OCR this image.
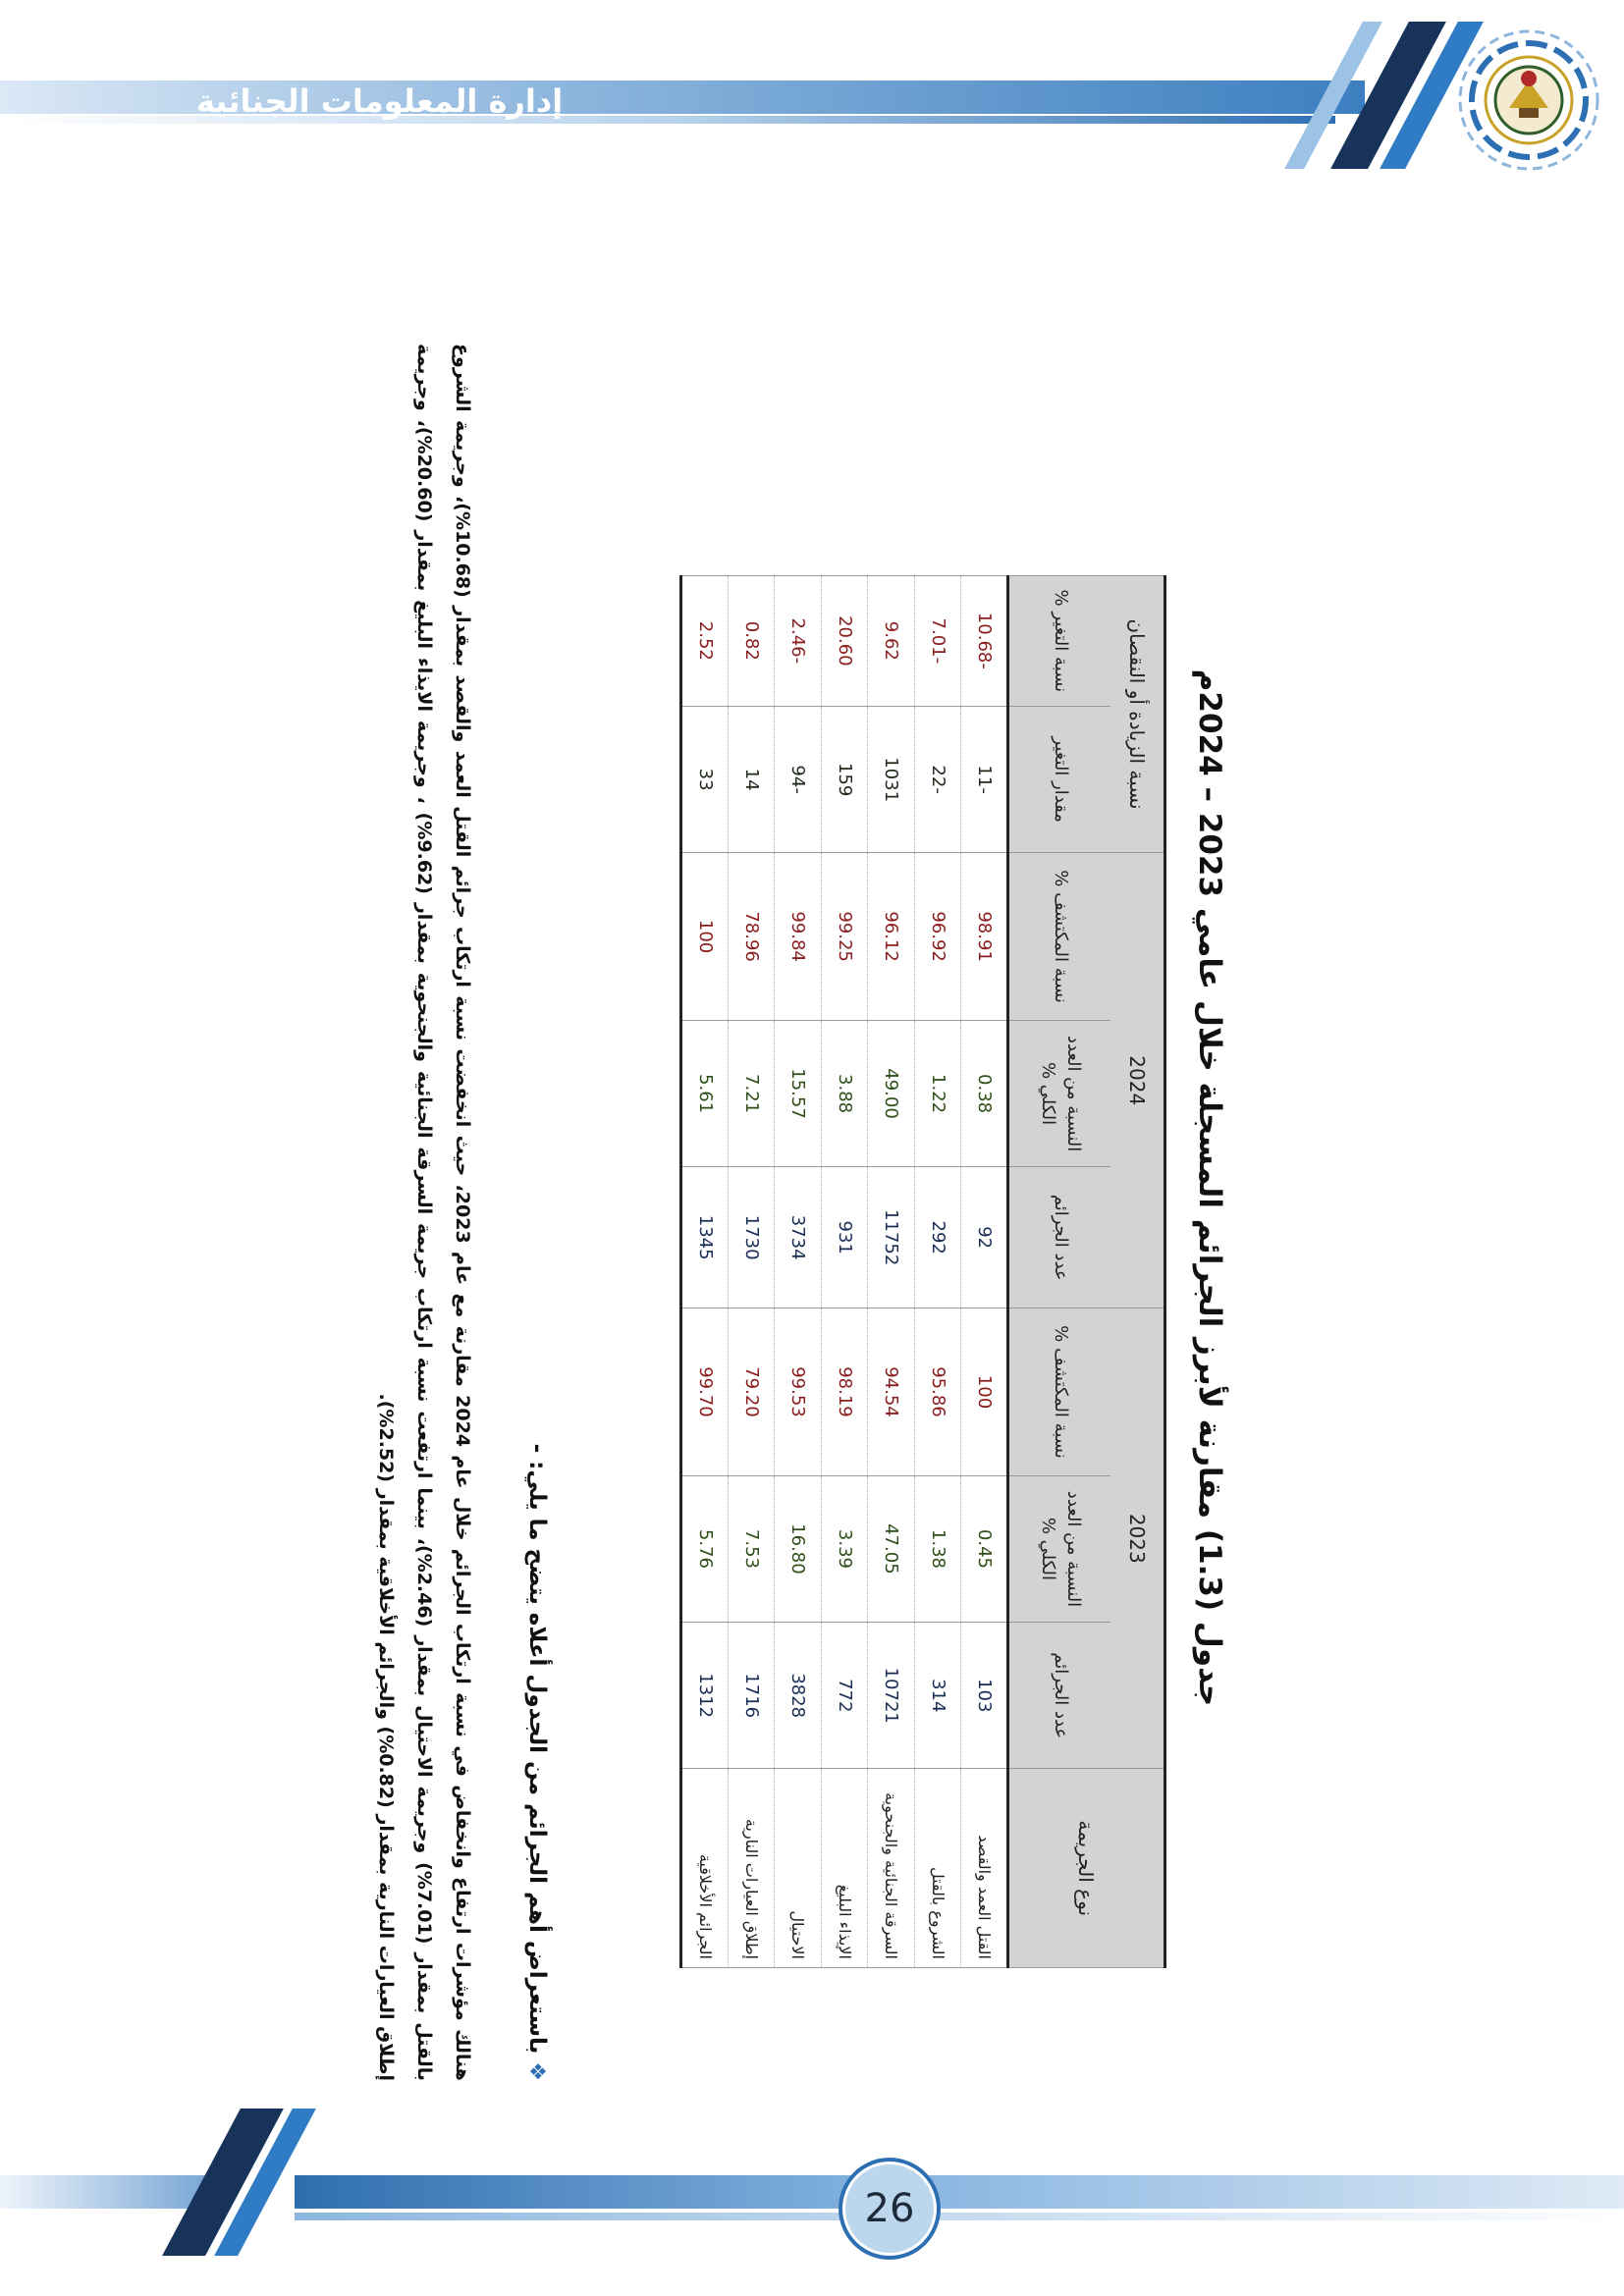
إدارة المعلومات الجنائية
جدول (1.3) مقارنة لأبرز الجرائم المسجلة خلال عامي 2023 – 2024م
نوع الجريمة	2023			2024			نسبة الزيادة أو النقصان	
	عدد الجرائم	النسبة من العدد الكلي %	نسبة المكتشف %	عدد الجرائم	النسبة من العدد الكلي %	نسبة المكتشف %	مقدار التغير	نسبة التغير %
القتل العمد والقصد	103	0.45	100	92	0.38	98.91	-11	-10.68
الشروع بالقتل	314	1.38	95.86	292	1.22	96.92	-22	-7.01
السرقة الجنائية والجنحوية	10721	47.05	94.54	11752	49.00	96.12	1031	9.62
الإيذاء البليغ	772	3.39	98.19	931	3.88	99.25	159	20.60
الاحتيال	3828	16.80	99.53	3734	15.57	99.84	-94	-2.46
إطلاق العيارات النارية	1716	7.53	79.20	1730	7.21	78.96	14	0.82
الجرائم الأخلاقية	1312	5.76	99.70	1345	5.61	100	33	2.52
❖باستعراض أهم الجرائم من الجدول أعلاه يتضح ما يلي: -
هنالك مؤشرات ارتفاع وانخفاض في نسبة ارتكاب الجرائم خلال عام 2024 مقارنة مع عام 2023، حيث انخفضت نسبة ارتكاب جرائم القتل العمد والقصد بمقدار (10.68%)، وجريمة الشروع بالقتل بمقدار (7.01%) وجريمة الاحتيال بمقدار (2.46%)، بينما ارتفعت نسبة ارتكاب جريمة السرقة الجنائية والجنحوية بمقدار (9.62%) ، وجريمة الايذاء البليغ بمقدار (20.60%)، وجريمة إطلاق العيارات النارية بمقدار (0.82%) والجرائم الأخلاقية بمقدار (2.52%).
26
